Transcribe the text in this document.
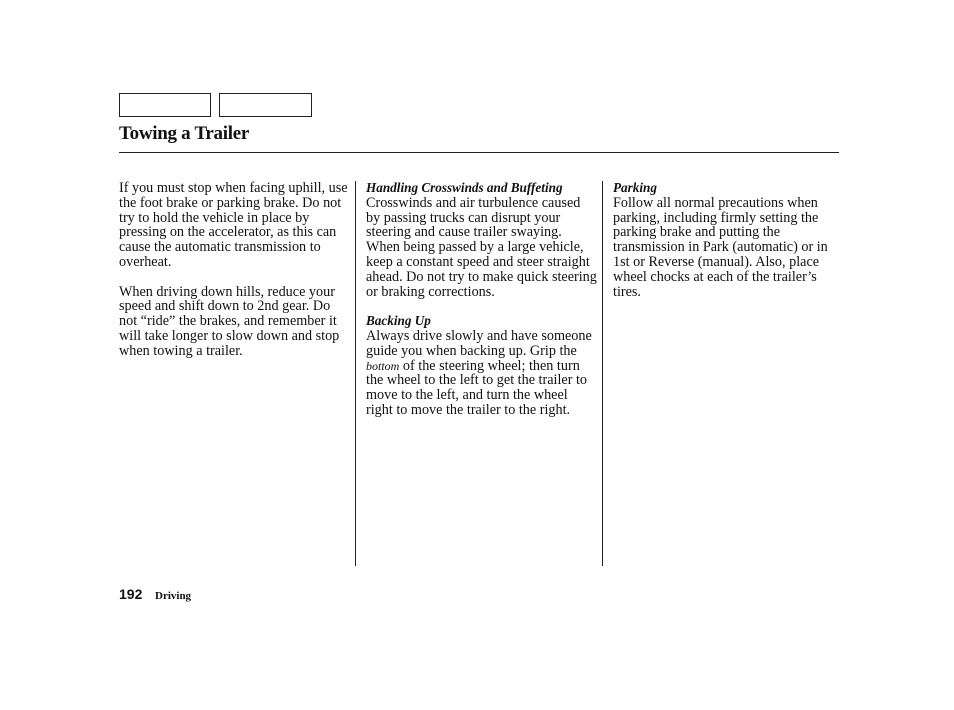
Towing a Trailer

If you must stop when facing uphill, use the foot brake or parking brake. Do not try to hold the vehicle in place by pressing on the accelerator, as this can cause the automatic transmission to overheat.

When driving down hills, reduce your speed and shift down to 2nd gear. Do not “ride” the brakes, and remember it will take longer to slow down and stop when towing a trailer.

Handling Crosswinds and Buffeting

Crosswinds and air turbulence caused by passing trucks can disrupt your steering and cause trailer swaying. When being passed by a large vehicle, keep a constant speed and steer straight ahead. Do not try to make quick steering or braking corrections.

Backing Up

Always drive slowly and have someone guide you when backing up. Grip the bottom of the steering wheel; then turn the wheel to the left to get the trailer to move to the left, and turn the wheel right to move the trailer to the right.

Parking

Follow all normal precautions when parking, including firmly setting the parking brake and putting the transmission in Park (automatic) or in 1st or Reverse (manual). Also, place wheel chocks at each of the trailer’s tires.

192 Driving
